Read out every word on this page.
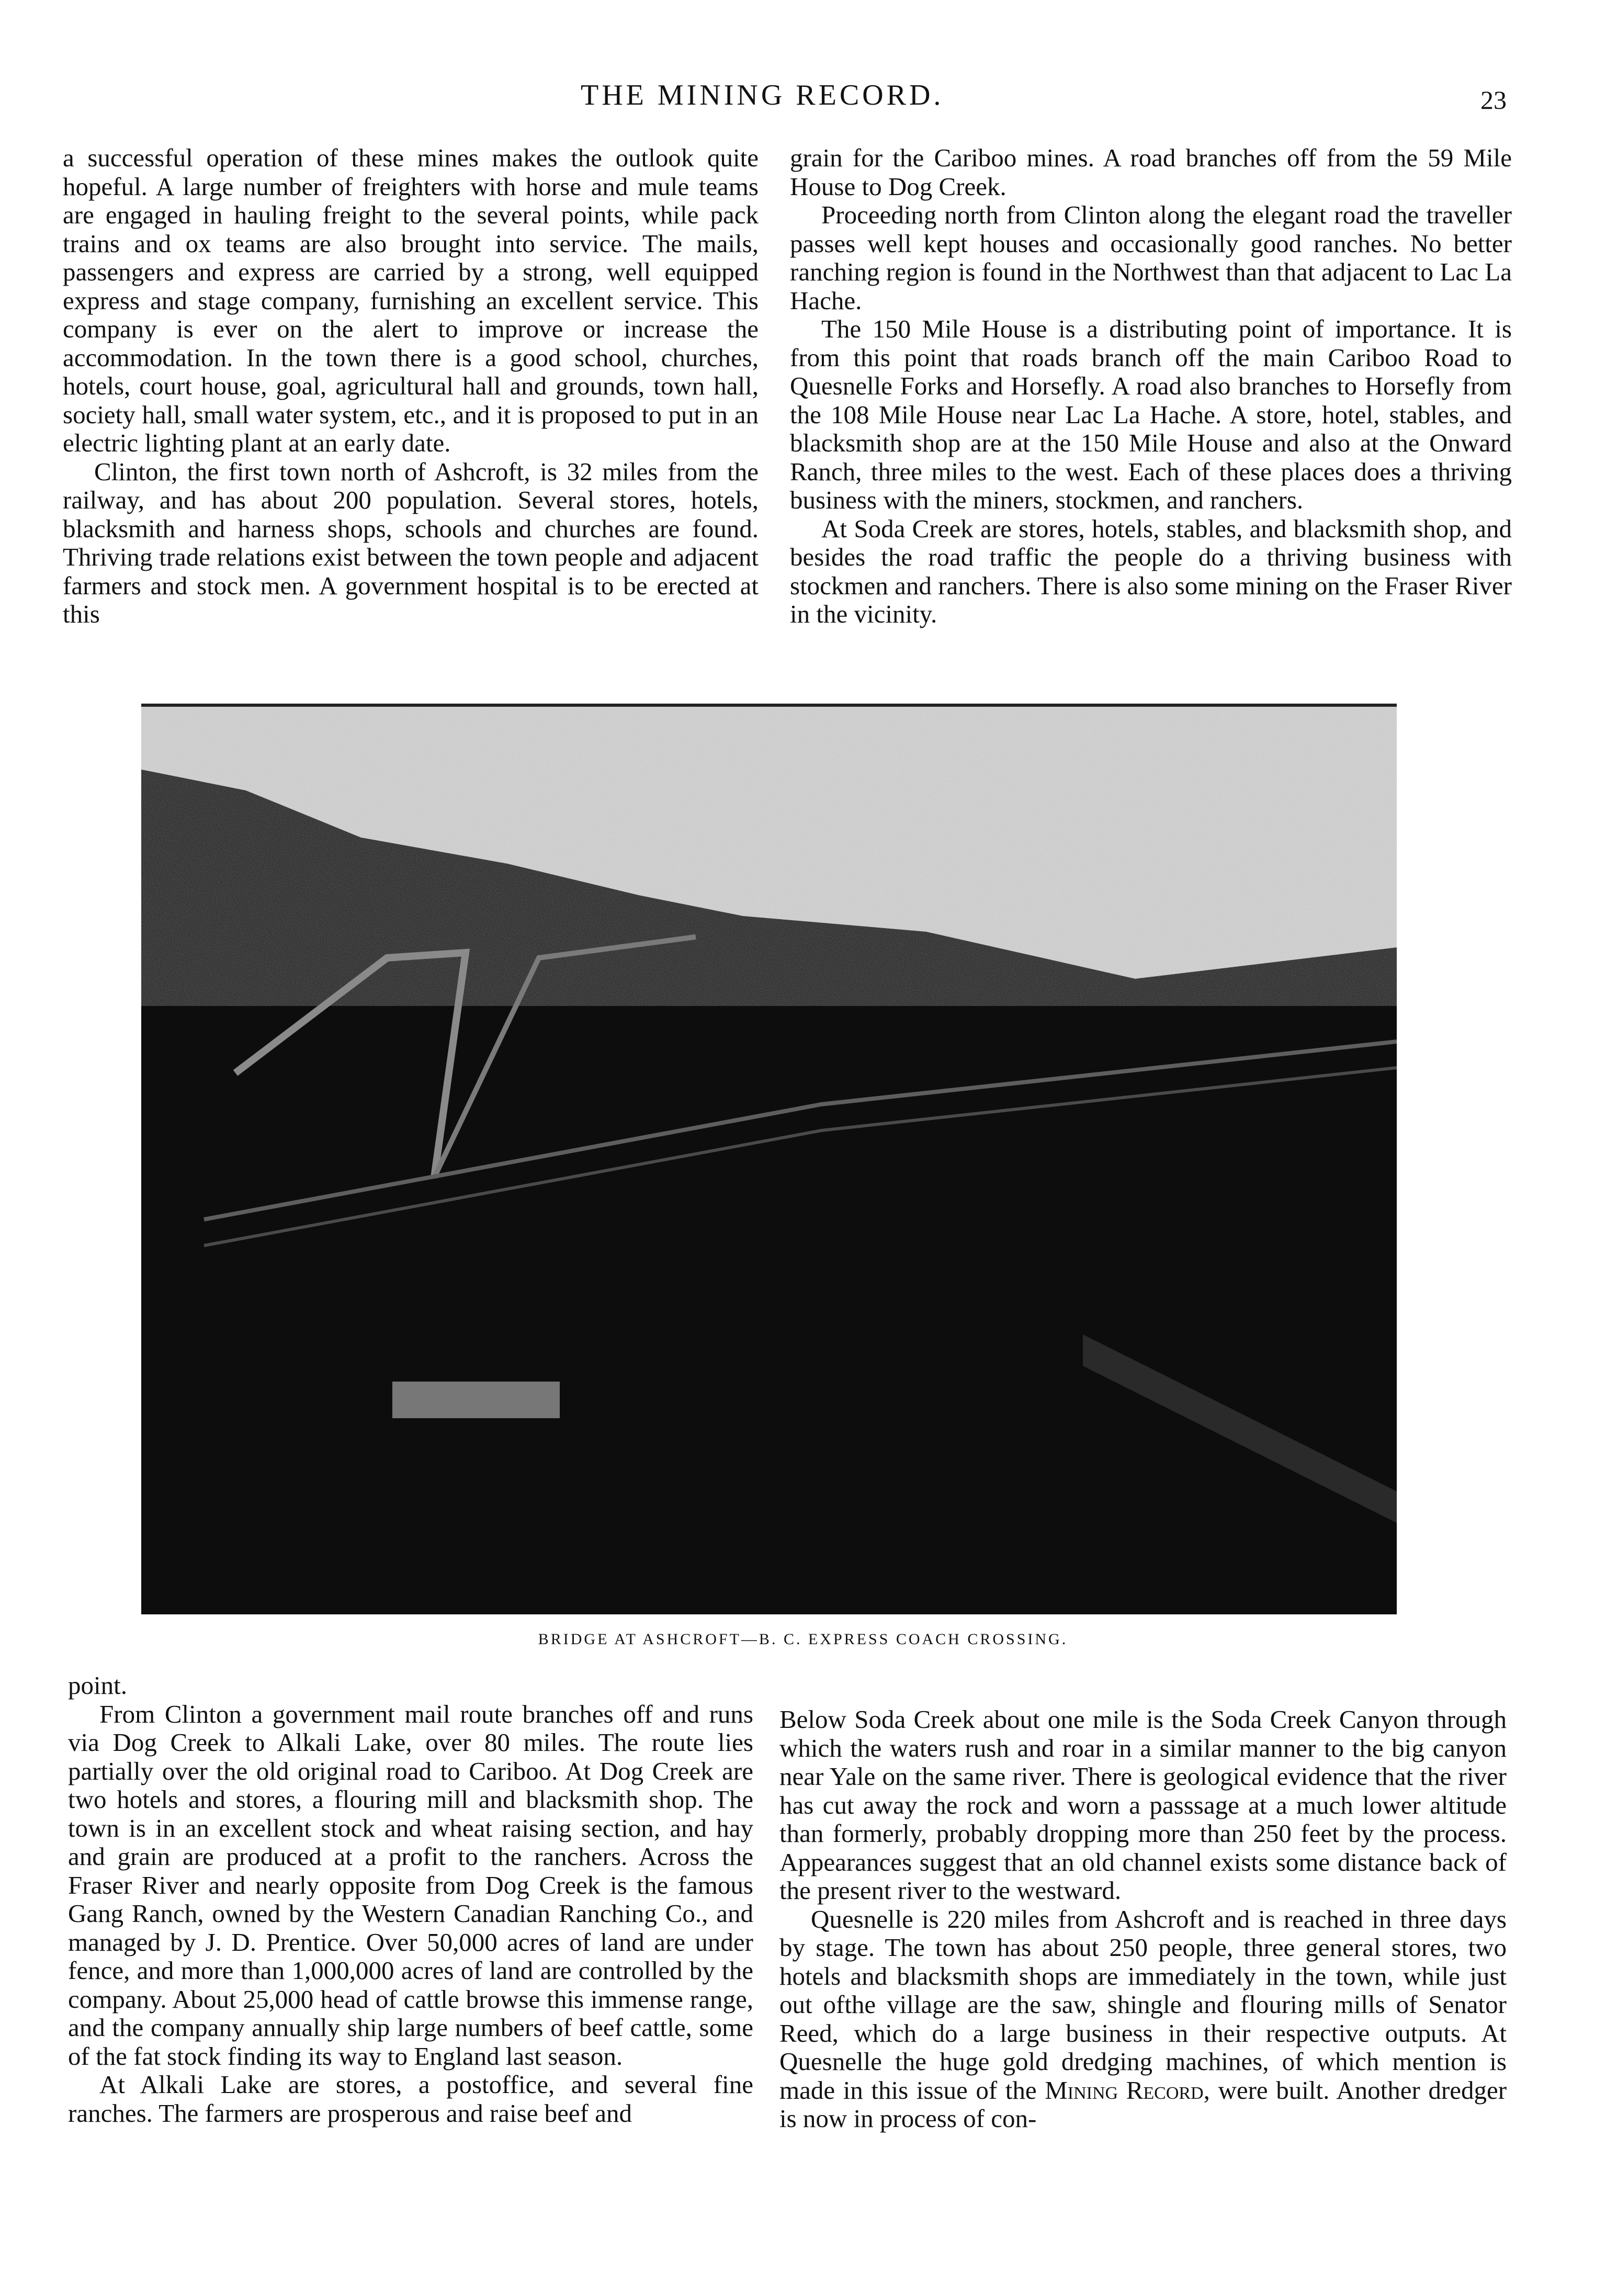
THE MINING RECORD.	23

a successful operation of these mines makes the outlook quite hopeful. A large number of freighters with horse and mule teams are engaged in hauling freight to the several points, while pack trains and ox teams are also brought into service. The mails, passengers and express are carried by a strong, well equipped express and stage company, furnishing an excellent service. This company is ever on the alert to improve or increase the accommodation. In the town there is a good school, churches, hotels, court house, goal, agricultural hall and grounds, town hall, society hall, small water system, etc., and it is proposed to put in an electric lighting plant at an early date.

Clinton, the first town north of Ashcroft, is 32 miles from the railway, and has about 200 population. Several stores, hotels, blacksmith and harness shops, schools and churches are found. Thriving trade relations exist between the town people and adjacent farmers and stock men. A government hospital is to be erected at this

grain for the Cariboo mines. A road branches off from the 59 Mile House to Dog Creek.

Proceeding north from Clinton along the elegant road the traveller passes well kept houses and occasionally good ranches. No better ranching region is found in the Northwest than that adjacent to Lac La Hache.

The 150 Mile House is a distributing point of importance. It is from this point that roads branch off the main Cariboo Road to Quesnelle Forks and Horsefly. A road also branches to Horsefly from the 108 Mile House near Lac La Hache. A store, hotel, stables, and blacksmith shop are at the 150 Mile House and also at the Onward Ranch, three miles to the west. Each of these places does a thriving business with the miners, stockmen, and ranchers.

At Soda Creek are stores, hotels, stables, and blacksmith shop, and besides the road traffic the people do a thriving business with stockmen and ranchers. There is also some mining on the Fraser River in the vicinity.

BRIDGE AT ASHCROFT—B. C. EXPRESS COACH CROSSING.

point.

From Clinton a government mail route branches off and runs via Dog Creek to Alkali Lake, over 80 miles. The route lies partially over the old original road to Cariboo. At Dog Creek are two hotels and stores, a flouring mill and blacksmith shop. The town is in an excellent stock and wheat raising section, and hay and grain are produced at a profit to the ranchers. Across the Fraser River and nearly opposite from Dog Creek is the famous Gang Ranch, owned by the Western Canadian Ranching Co., and managed by J. D. Prentice. Over 50,000 acres of land are under fence, and more than 1,000,000 acres of land are controlled by the company. About 25,000 head of cattle browse this immense range, and the company annually ship large numbers of beef cattle, some of the fat stock finding its way to England last season.

At Alkali Lake are stores, a postoffice, and several fine ranches. The farmers are prosperous and raise beef and

Below Soda Creek about one mile is the Soda Creek Canyon through which the waters rush and roar in a similar manner to the big canyon near Yale on the same river. There is geological evidence that the river has cut away the rock and worn a passsage at a much lower altitude than formerly, probably dropping more than 250 feet by the process. Appearances suggest that an old channel exists some distance back of the present river to the westward.

Quesnelle is 220 miles from Ashcroft and is reached in three days by stage. The town has about 250 people, three general stores, two hotels and blacksmith shops are immediately in the town, while just out ofthe village are the saw, shingle and flouring mills of Senator Reed, which do a large business in their respective outputs. At Quesnelle the huge gold dredging machines, of which mention is made in this issue of the Mining Record, were built. Another dredger is now in process of con-
